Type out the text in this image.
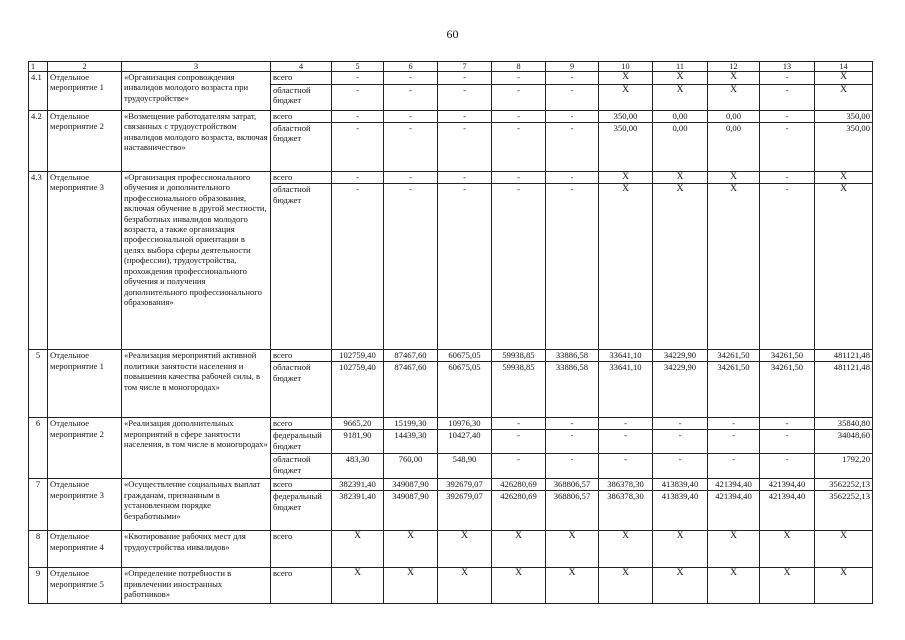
60
1	2	3	4	5	6	7	8	9	10	11	12	13	14
4.1	Отдельное мероприятие 1	«Организация сопровождения инвалидов молодого возраста при трудоустройстве»	всего	-	-	-	-	-	X	X	X	-	X
			областной бюджет	-	-	-	-	-	X	X	X	-	X
4.2	Отдельное мероприятие 2	«Возмещение работодателям затрат, связанных с трудоустройством инвалидов молодого возраста, включая наставничество»	всего	-	-	-	-	-	350,00	0,00	0,00	-	350,00
			областной бюджет	-	-	-	-	-	350,00	0,00	0,00	-	350,00
4.3	Отдельное мероприятие 3	«Организация профессионального обучения и дополнительного профессионального образования, включая обучение в другой местности, безработных инвалидов молодого возраста, а также организация профессиональной ориентации в целях выбора сферы деятельности (профессии), трудоустройства, прохождения профессионального обучения и получения дополнительного профессионального образования»	всего	-	-	-	-	-	X	X	X	-	X
			областной бюджет	-	-	-	-	-	X	X	X	-	X
5	Отдельное мероприятие 1	«Реализация мероприятий активной политики занятости населения и повышения качества рабочей силы, в том числе в моногородах»	всего	102759,40	87467,60	60675,05	59938,85	33886,58	33641,10	34229,90	34261,50	34261,50	481121,48
			областной бюджет	102759,40	87467,60	60675,05	59938,85	33886,58	33641,10	34229,90	34261,50	34261,50	481121,48
6	Отдельное мероприятие 2	«Реализация дополнительных мероприятий в сфере занятости населения, в том числе в моногородах»	всего	9665,20	15199,30	10976,30	-	-	-	-	-	-	35840,80
			федеральный бюджет	9181,90	14439,30	10427,40	-	-	-	-	-	-	34048,60
			областной бюджет	483,30	760,00	548,90	-	-	-	-	-	-	1792,20
7	Отдельное мероприятие 3	«Осуществление социальных выплат гражданам, признанным в установленном порядке безработными»	всего	382391,40	349087,90	392679,07	426280,69	368806,57	386378,30	413839,40	421394,40	421394,40	3562252,13
			федеральный бюджет	382391,40	349087,90	392679,07	426280,69	368806,57	386378,30	413839,40	421394,40	421394,40	3562252,13
8	Отдельное мероприятие 4	«Квотирование рабочих мест для трудоустройства инвалидов»	всего	X	X	X	X	X	X	X	X	X	X
9	Отдельное мероприятие 5	«Определение потребности в привлечении иностранных работников»	всего	X	X	X	X	X	X	X	X	X	X
